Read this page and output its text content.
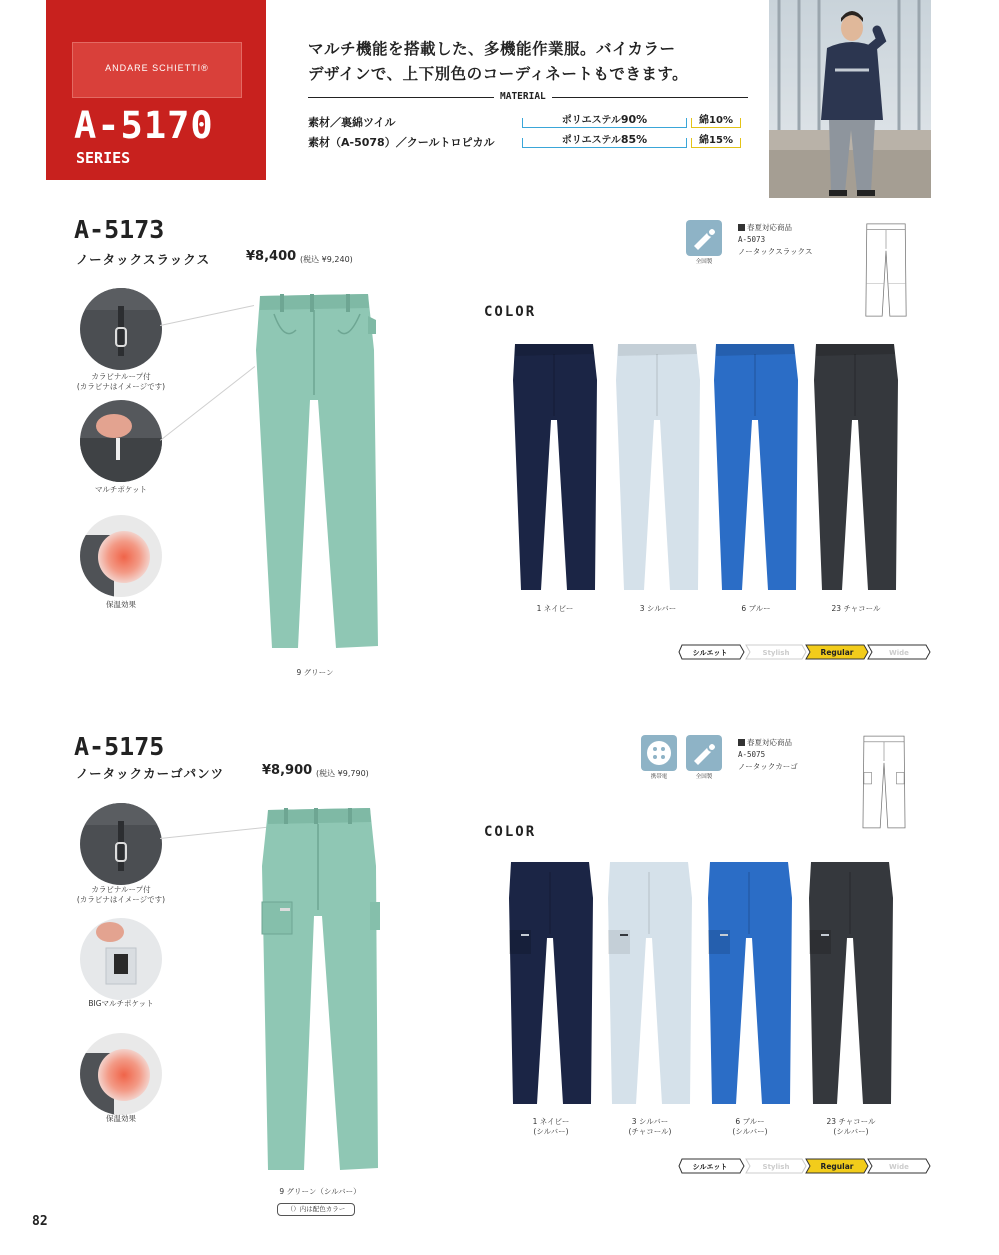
ANDARE SCHIETTI®
A-5170
SERIES
マルチ機能を搭載した、多機能作業服。バイカラー
デザインで、上下別色のコーディネートもできます。
MATERIAL
素材／裏綿ツイル	ポリエステル90%	綿10%
素材（A-5078）／クールトロピカル	ポリエステル85%	綿15%
A-5173
ノータックスラックス	¥8,400 (税込 ¥9,240)
カラビナループ付
(カラビナはイメージです)
マルチポケット
保温効果
9 グリーン
全国製
春夏対応商品
A-5073
ノータックスラックス
COLOR
1 ネイビー	3 シルバー	6 ブルー	23 チャコール
シルエット	Stylish	Regular	Wide
A-5175
ノータックカーゴパンツ	¥8,900 (税込 ¥9,790)
カラビナループ付
(カラビナはイメージです)
BIGマルチポケット
保温効果
9 グリーン（シルバー）
（）内は配色カラー
携帯電	全国製
春夏対応商品
A-5075
ノータックカーゴ
COLOR
1 ネイビー
(シルバー)
3 シルバー
(チャコール)
6 ブルー
(シルバー)
23 チャコール
(シルバー)
シルエット	Stylish	Regular	Wide
82
